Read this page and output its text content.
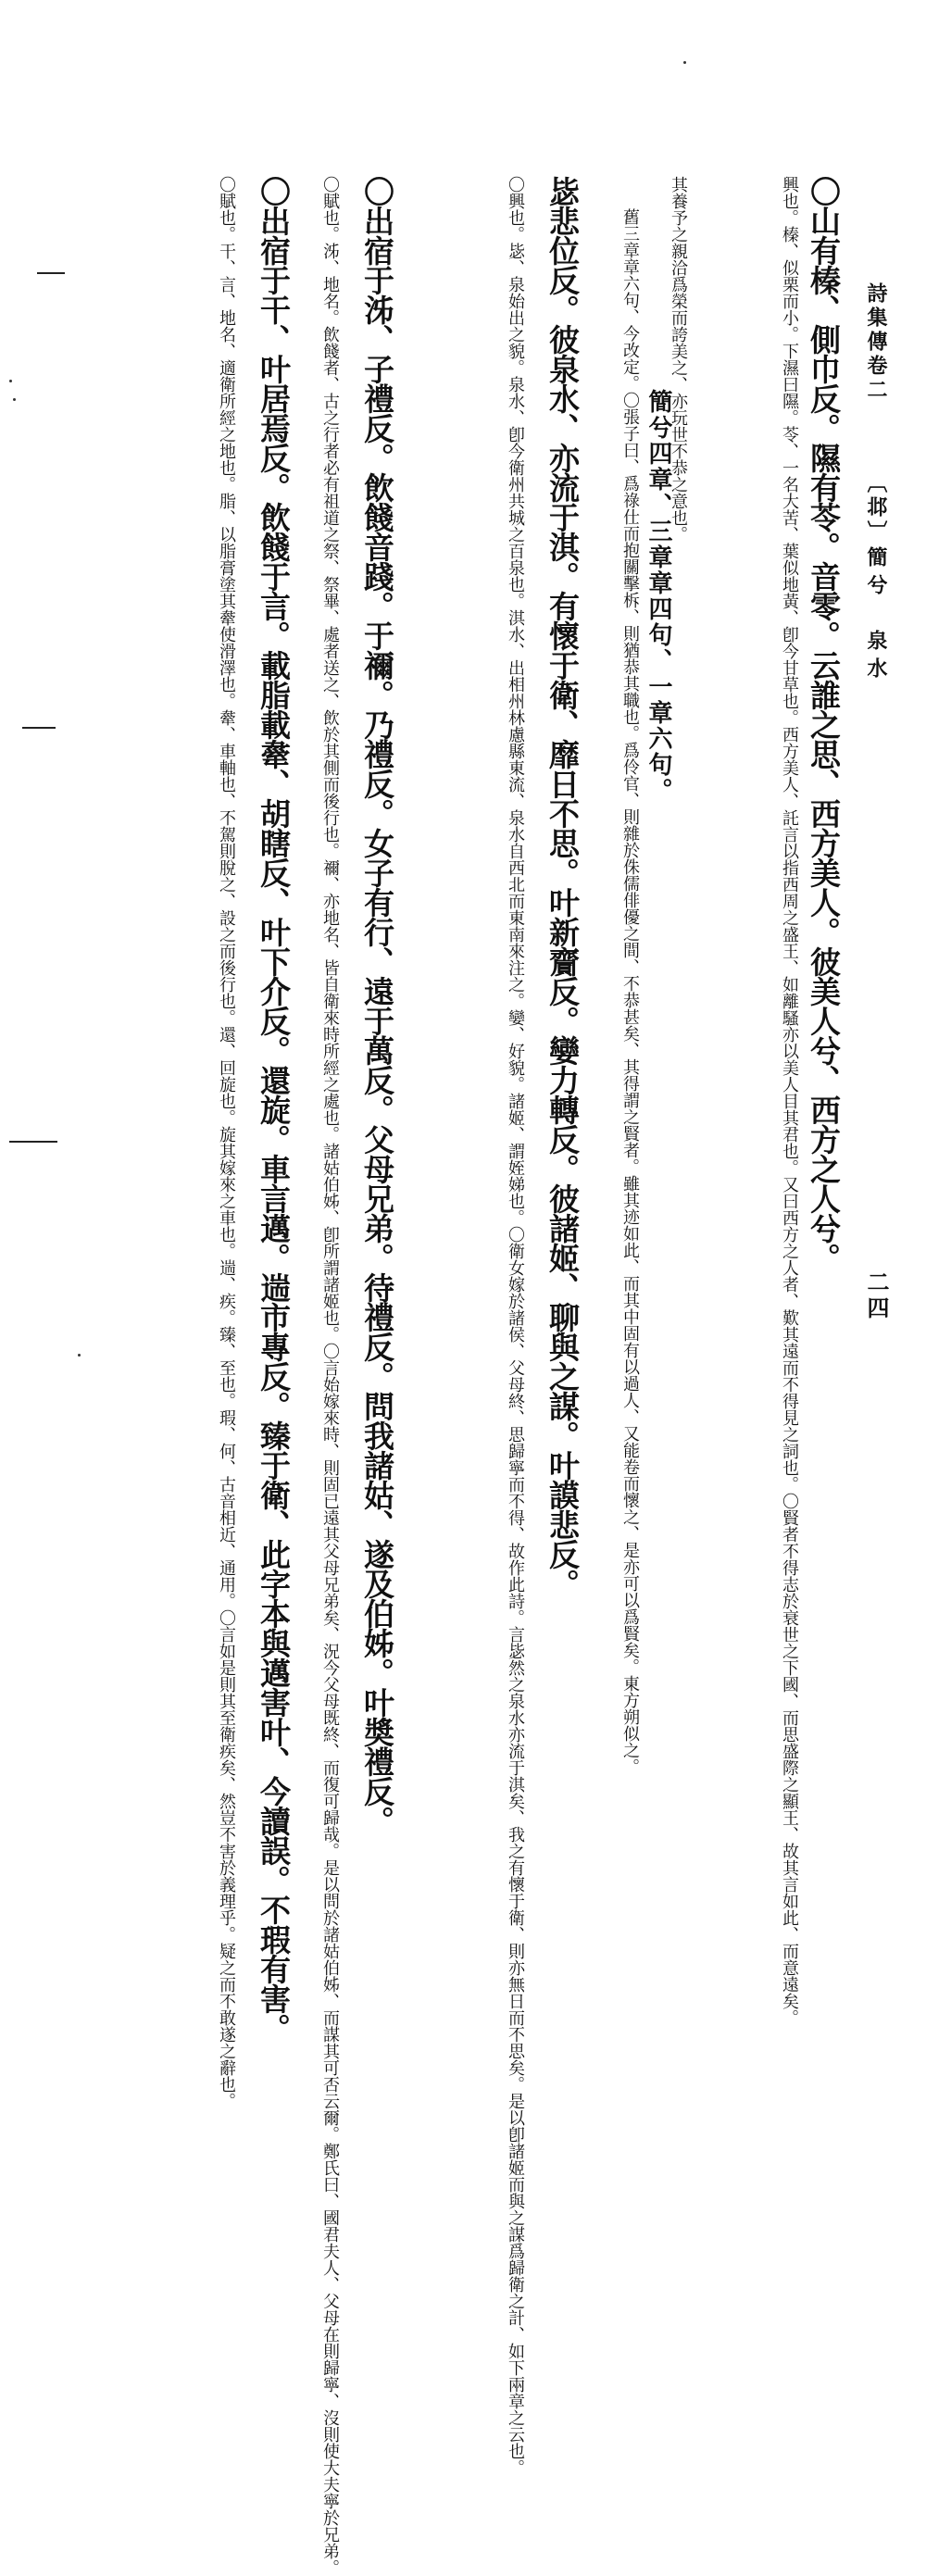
詩集傳卷二
〔邶〕
簡兮　泉水
二四
〇山有榛、側巾反。隰有苓。音零。云誰之思、西方美人。彼美人兮、西方之人兮。
興也。榛、似栗而小。下濕曰隰。苓、一名大苦、葉似地黃、卽今甘草也。西方美人、託言以指西周之盛王、如離騷亦以美人目其君也。又曰西方之人者、歎其遠而不得見之詞也。〇賢者不得志於衰世之下國、而思盛際之顯王、故其言如此、而意遠矣。
其養予之親洽爲榮而誇美之、亦玩世不恭之意也。
簡兮四章、三章章四句、一章六句。
舊三章章六句、今改定。〇張子曰、爲祿仕而抱關擊柝、則猶恭其職也。爲伶官、則雜於侏儒俳優之間、不恭甚矣、其得謂之賢者。雖其迹如此、而其中固有以過人、又能卷而懷之、是亦可以爲賢矣。東方朔似之。
毖悲位反。彼泉水、亦流于淇。有懷于衛、靡日不思。叶新齎反。孌力轉反。彼諸姬、聊與之謀。叶謨悲反。
〇興也。毖、泉始出之貌。泉水、卽今衛州共城之百泉也。淇水、出相州林慮縣東流、泉水自西北而東南來注之。孌、好貌。諸姬、謂姪娣也。〇衛女嫁於諸侯、父母終、思歸寧而不得、故作此詩。言毖然之泉水亦流于淇矣、我之有懷于衛、則亦無日而不思矣。是以卽諸姬而與之謀爲歸衛之計、如下兩章之云也。
〇出宿于泲、子禮反。飲餞音踐。于禰。乃禮反。女子有行、遠于萬反。父母兄弟。待禮反。問我諸姑、遂及伯姊。叶奬禮反。
〇賦也。泲、地名。飲餞者、古之行者必有祖道之祭、祭畢、處者送之、飲於其側而後行也。禰、亦地名、皆自衛來時所經之處也。諸姑伯姊、卽所謂諸姬也。〇言始嫁來時、則固已遠其父母兄弟矣、況今父母既終、而復可歸哉。是以問於諸姑伯姊、而謀其可否云爾。鄭氏曰、國君夫人、父母在則歸寧、沒則使大夫寧於兄弟。
〇出宿于干、叶居焉反。飲餞于言。載脂載舝、胡瞎反、叶下介反。還旋。車言邁。遄市專反。臻于衛、此字本與邁害叶、今讀誤。不瑕有害。
〇賦也。干、言、地名、適衛所經之地也。脂、以脂膏塗其舝使滑澤也。舝、車軸也、不駕則脫之、設之而後行也。還、回旋也。旋其嫁來之車也。遄、疾。臻、至也。瑕、何、古音相近、通用。〇言如是則其至衛疾矣、然豈不害於義理乎。疑之而不敢遂之辭也。
